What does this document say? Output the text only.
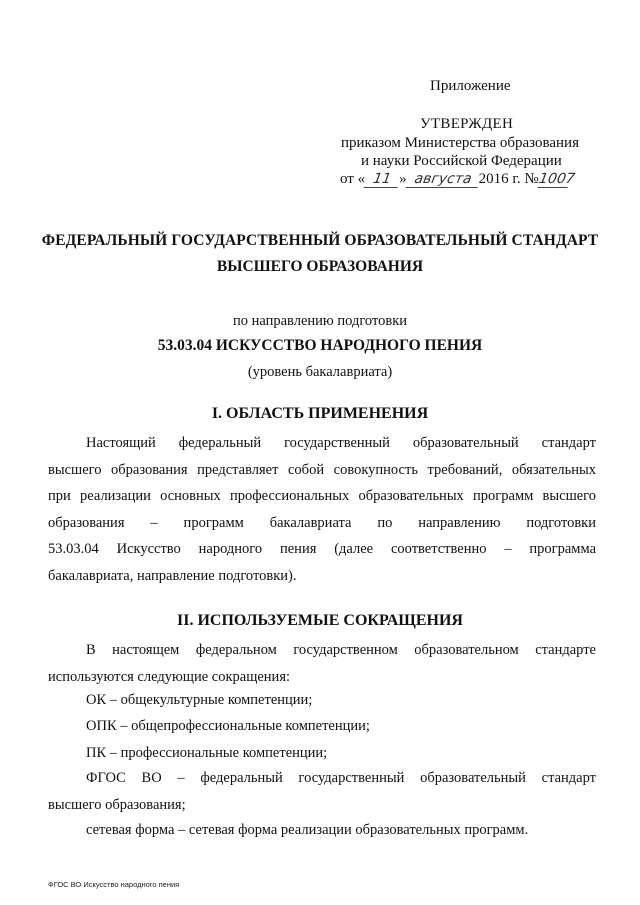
Приложение
УТВЕРЖДЕН
приказом Министерства образования
и науки Российской Федерации
от « 11 » августа 2016 г. №1007
ФЕДЕРАЛЬНЫЙ ГОСУДАРСТВЕННЫЙ ОБРАЗОВАТЕЛЬНЫЙ СТАНДАРТ
ВЫСШЕГО ОБРАЗОВАНИЯ
по направлению подготовки
53.03.04 ИСКУССТВО НАРОДНОГО ПЕНИЯ
(уровень бакалавриата)
I. ОБЛАСТЬ ПРИМЕНЕНИЯ
Настоящий федеральный государственный образовательный стандарт
высшего образования представляет собой совокупность требований, обязательных
при реализации основных профессиональных образовательных программ высшего
образования – программ бакалавриата по направлению подготовки
53.03.04 Искусство народного пения (далее соответственно – программа
бакалавриата, направление подготовки).
II. ИСПОЛЬЗУЕМЫЕ СОКРАЩЕНИЯ
В настоящем федеральном государственном образовательном стандарте
используются следующие сокращения:
ОК – общекультурные компетенции;
ОПК – общепрофессиональные компетенции;
ПК – профессиональные компетенции;
ФГОС ВО – федеральный государственный образовательный стандарт
высшего образования;
сетевая форма – сетевая форма реализации образовательных программ.
ФГОС ВО Искусство народного пения
